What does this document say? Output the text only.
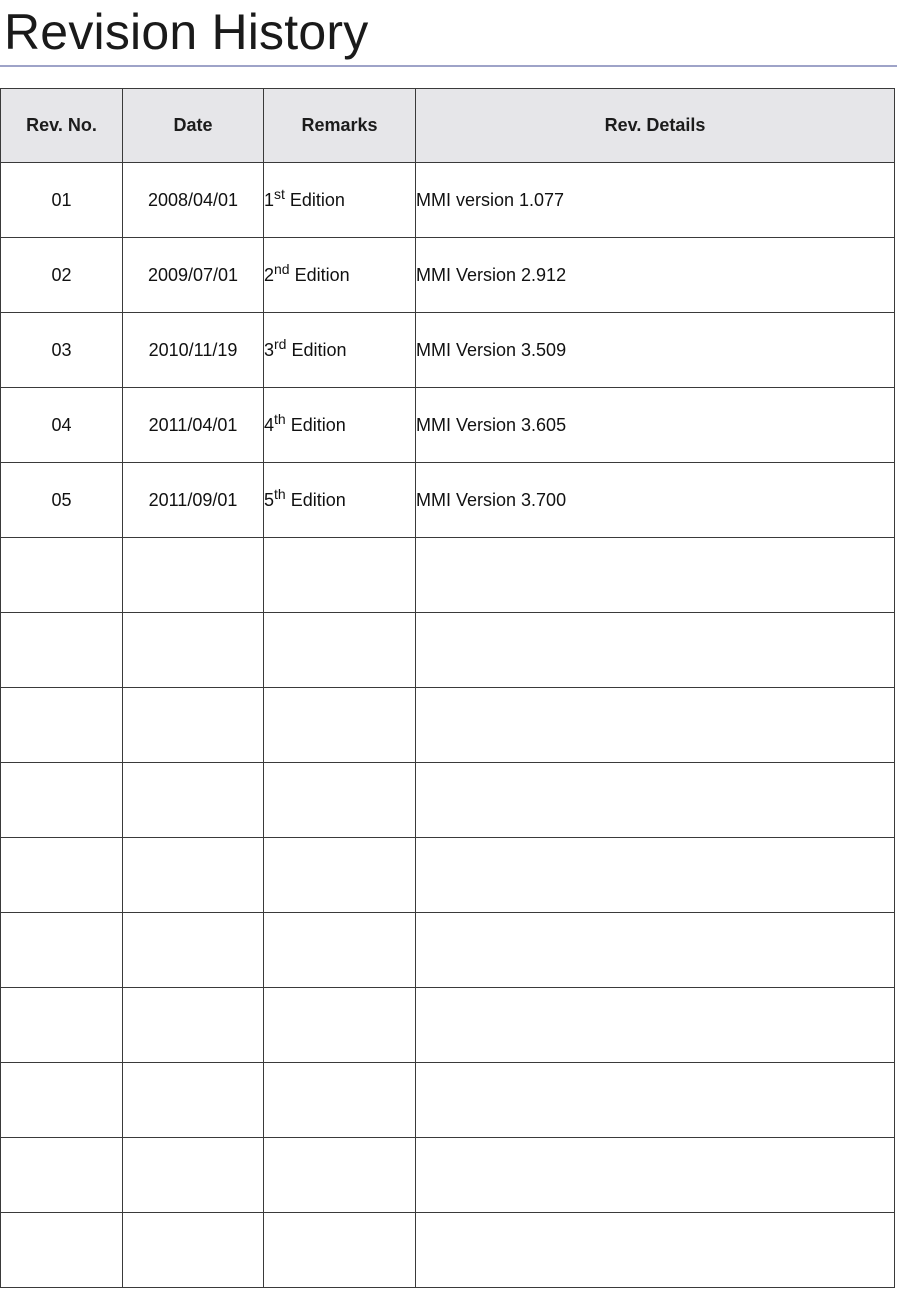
Revision History
Rev. No.	Date	Remarks	Rev. Details
01	2008/04/01	1st Edition	MMI version 1.077
02	2009/07/01	2nd Edition	MMI Version 2.912
03	2010/11/19	3rd Edition	MMI Version 3.509
04	2011/04/01	4th Edition	MMI Version 3.605
05	2011/09/01	5th Edition	MMI Version 3.700
